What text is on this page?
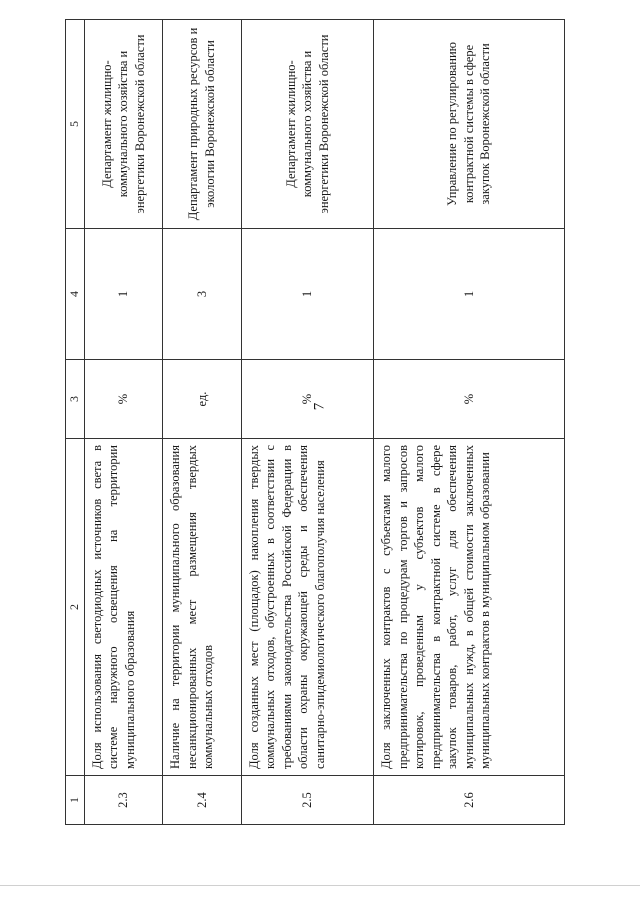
7
1	2	3	4	5
2.3	Доля использования светодиодных источников света в системе наружного освещения на территории муниципального образования	%	1	Департамент жилищно-коммунального хозяйства и энергетики Воронежской области
2.4	Наличие на территории муниципального образования несанкционированных мест размещения твердых коммунальных отходов	ед.	3	Департамент природных ресурсов и экологии Воронежской области
2.5	Доля созданных мест (площадок) накопления твердых коммунальных отходов, обустроенных в соответствии с требованиями законодательства Российской Федерации в области охраны окружающей среды и обеспечения санитарно-эпидемиологического благополучия населения	%	1	Департамент жилищно-коммунального хозяйства и энергетики Воронежской области
2.6	Доля заключенных контрактов с субъектами малого предпринимательства по процедурам торгов и запросов котировок, проведенным у субъектов малого предпринимательства в контрактной системе в сфере закупок товаров, работ, услуг для обеспечения муниципальных нужд, в общей стоимости заключенных муниципальных контрактов в муниципальном образовании	%	1	Управление по регулированию контрактной системы в сфере закупок Воронежской области
